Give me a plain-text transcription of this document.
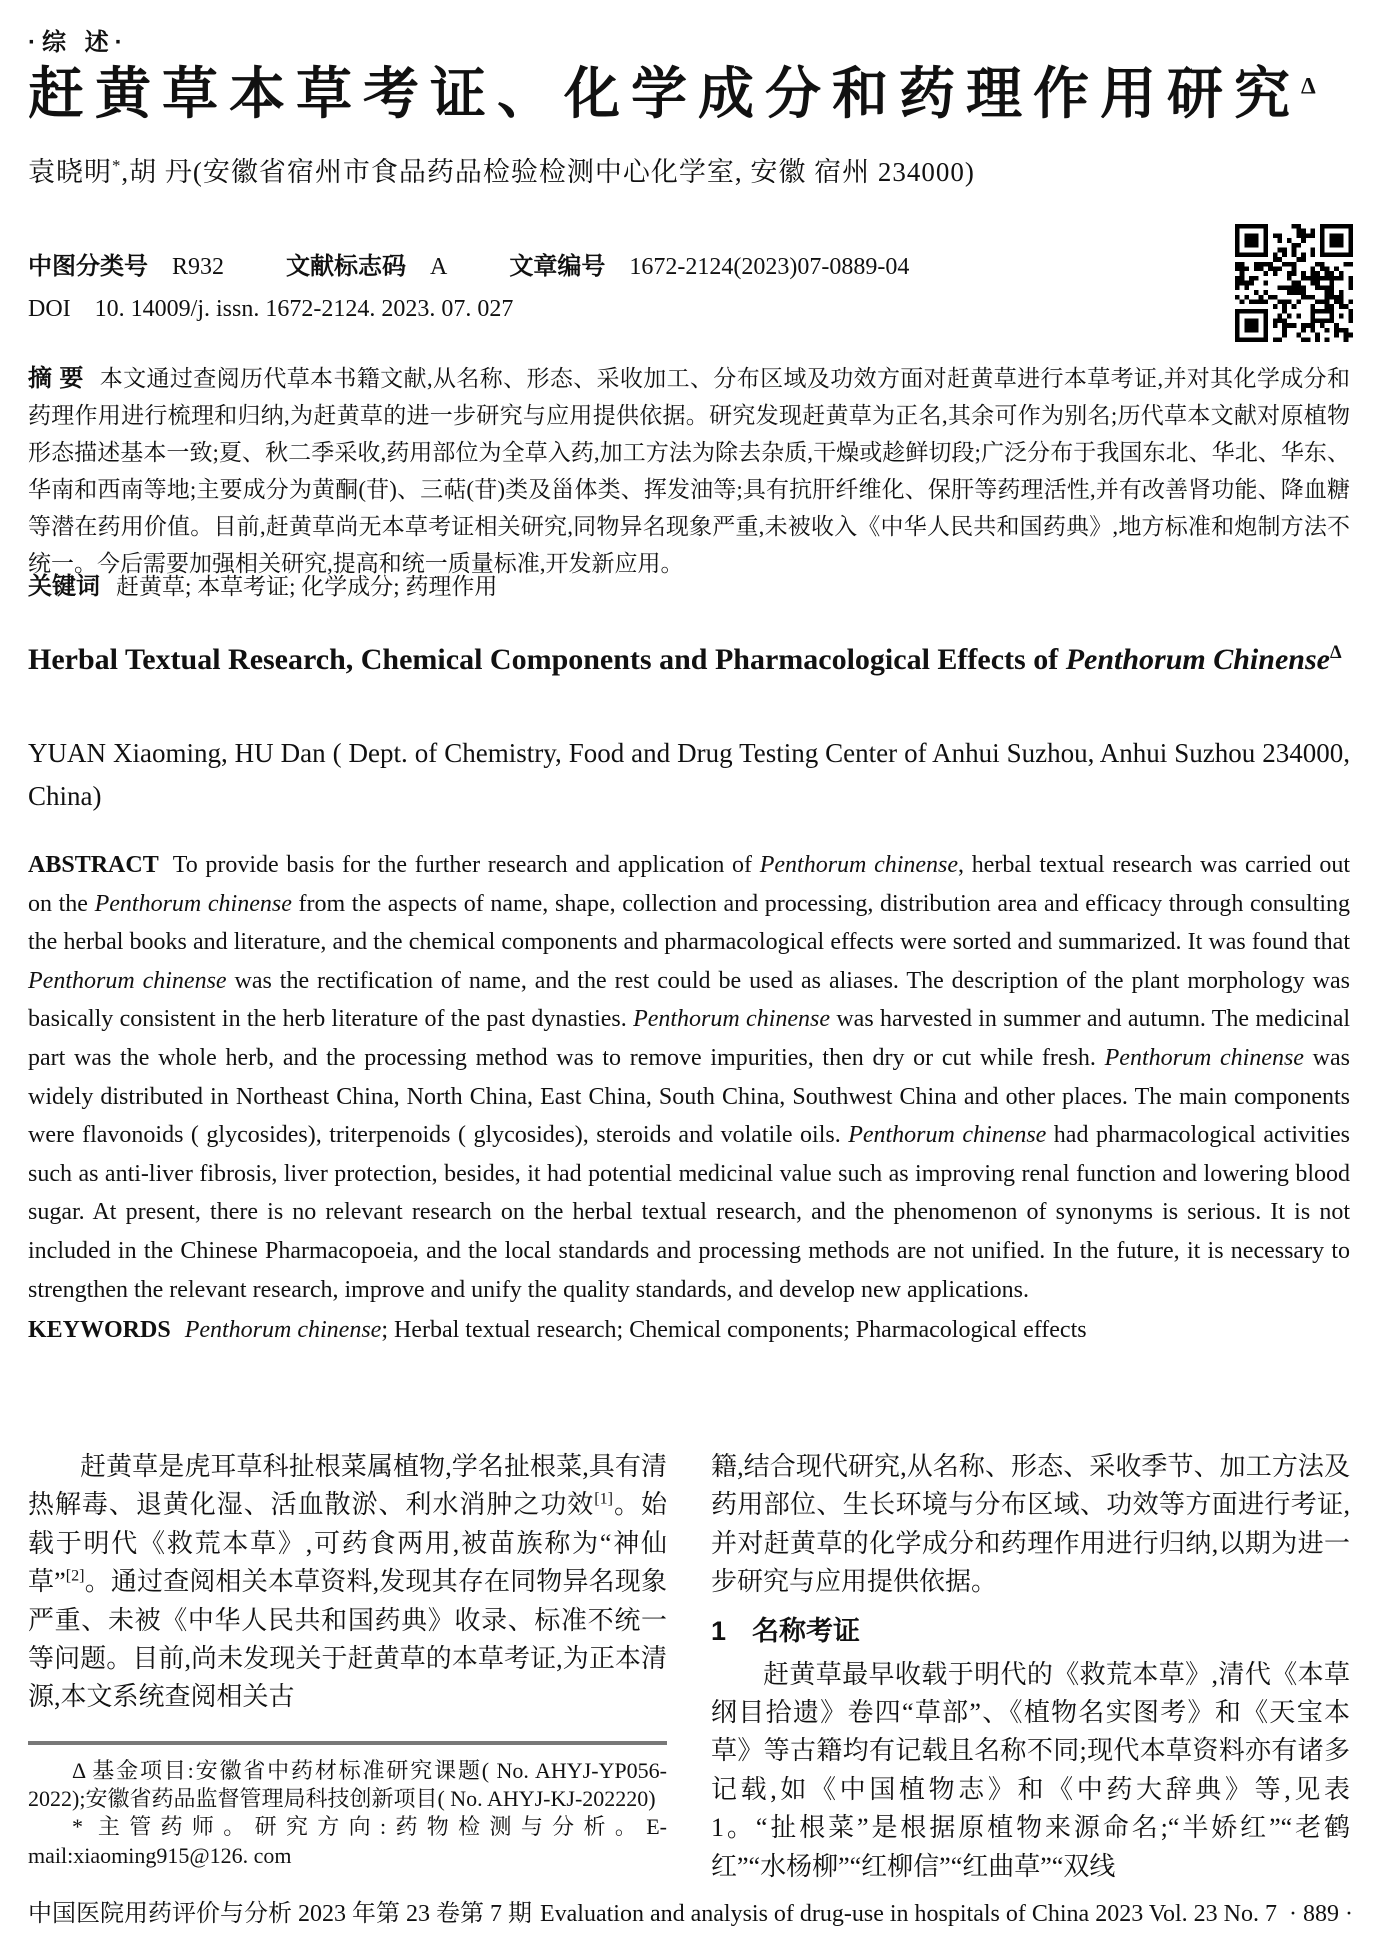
·综 述·
赶黄草本草考证、化学成分和药理作用研究$^\Delta$
袁晓明*,胡 丹(安徽省宿州市食品药品检验检测中心化学室, 安徽 宿州 234000)
中图分类号 R932	文献标志码 A	文章编号 1672-2124(2023)07-0889-04
DOI 10. 14009/j. issn. 1672-2124. 2023. 07. 027
摘 要 本文通过查阅历代草本书籍文献,从名称、形态、采收加工、分布区域及功效方面对赶黄草进行本草考证,并对其化学成分和药理作用进行梳理和归纳,为赶黄草的进一步研究与应用提供依据。研究发现赶黄草为正名,其余可作为别名;历代草本文献对原植物形态描述基本一致;夏、秋二季采收,药用部位为全草入药,加工方法为除去杂质,干燥或趁鲜切段;广泛分布于我国东北、华北、华东、华南和西南等地;主要成分为黄酮(苷)、三萜(苷)类及甾体类、挥发油等;具有抗肝纤维化、保肝等药理活性,并有改善肾功能、降血糖等潜在药用价值。目前,赶黄草尚无本草考证相关研究,同物异名现象严重,未被收入《中华人民共和国药典》,地方标准和炮制方法不统一。今后需要加强相关研究,提高和统一质量标准,开发新应用。
关键词 赶黄草; 本草考证; 化学成分; 药理作用
Herbal Textual Research, Chemical Components and Pharmacological Effects of Penthorum Chinense$^\Delta$
YUAN Xiaoming, HU Dan ( Dept. of Chemistry, Food and Drug Testing Center of Anhui Suzhou, Anhui Suzhou 234000, China)

ABSTRACT To provide basis for the further research and application of Penthorum chinense, herbal textual research was carried out on the Penthorum chinense from the aspects of name, shape, collection and processing, distribution area and efficacy through consulting the herbal books and literature, and the chemical components and pharmacological effects were sorted and summarized. It was found that Penthorum chinense was the rectification of name, and the rest could be used as aliases. The description of the plant morphology was basically consistent in the herb literature of the past dynasties. Penthorum chinense was harvested in summer and autumn. The medicinal part was the whole herb, and the processing method was to remove impurities, then dry or cut while fresh. Penthorum chinense was widely distributed in Northeast China, North China, East China, South China, Southwest China and other places. The main components were flavonoids ( glycosides), triterpenoids ( glycosides), steroids and volatile oils. Penthorum chinense had pharmacological activities such as anti-liver fibrosis, liver protection, besides, it had potential medicinal value such as improving renal function and lowering blood sugar. At present, there is no relevant research on the herbal textual research, and the phenomenon of synonyms is serious. It is not included in the Chinese Pharmacopoeia, and the local standards and processing methods are not unified. In the future, it is necessary to strengthen the relevant research, improve and unify the quality standards, and develop new applications.

KEYWORDS Penthorum chinense; Herbal textual research; Chemical components; Pharmacological effects

赶黄草是虎耳草科扯根菜属植物,学名扯根菜,具有清热解毒、退黄化湿、活血散淤、利水消肿之功效[1]。始载于明代《救荒本草》,可药食两用,被苗族称为“神仙草”[2]。通过查阅相关本草资料,发现其存在同物异名现象严重、未被《中华人民共和国药典》收录、标准不统一等问题。目前,尚未发现关于赶黄草的本草考证,为正本清源,本文系统查阅相关古

Δ 基金项目:安徽省中药材标准研究课题( No. AHYJ-YP056-2022);安徽省药品监督管理局科技创新项目( No. AHYJ-KJ-202220)

* 主管药师。研究方向:药物检测与分析。E-mail:xiaoming915@126. com

籍,结合现代研究,从名称、形态、采收季节、加工方法及药用部位、生长环境与分布区域、功效等方面进行考证,并对赶黄草的化学成分和药理作用进行归纳,以期为进一步研究与应用提供依据。

1 名称考证

赶黄草最早收载于明代的《救荒本草》,清代《本草纲目拾遗》卷四“草部”、《植物名实图考》和《天宝本草》等古籍均有记载且名称不同;现代本草资料亦有诸多记载,如《中国植物志》和《中药大辞典》等,见表 1。“扯根菜”是根据原植物来源命名;“半娇红”“老鹤红”“水杨柳”“红柳信”“红曲草”“双线

中国医院用药评价与分析 2023 年第 23 卷第 7 期 Evaluation and analysis of drug-use in hospitals of China 2023 Vol. 23 No. 7 · 889 ·
